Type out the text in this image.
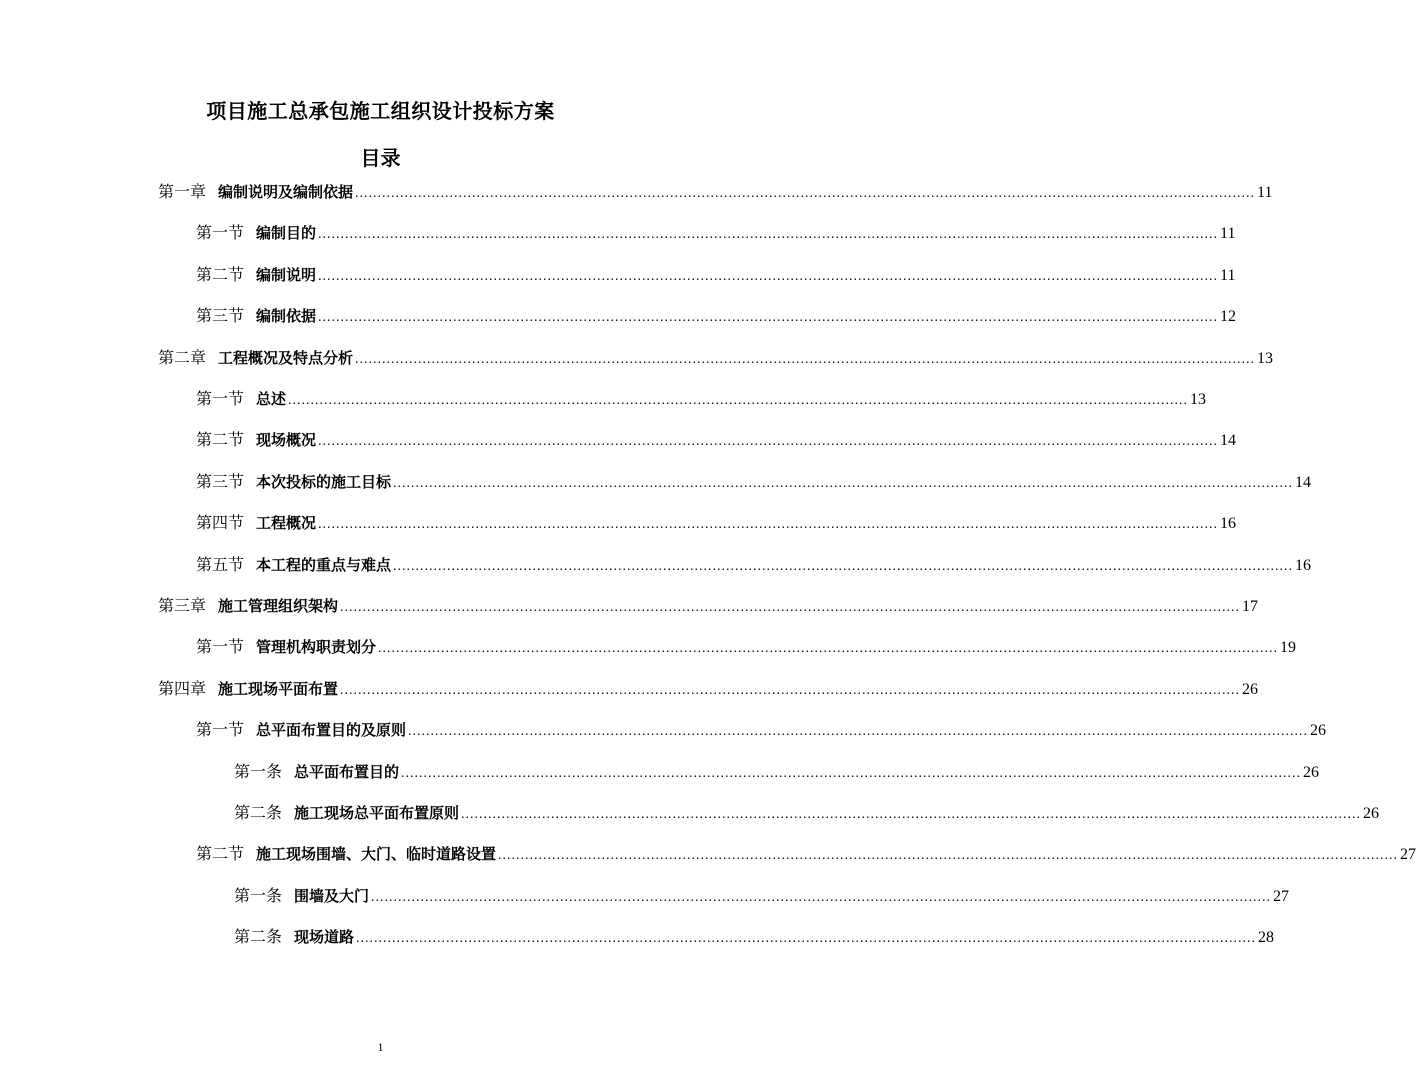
项目施工总承包施工组织设计投标方案
目录
第一章 编制说明及编制依据 ........................................................................................................................................................................................................ 11
第一节 编制目的 ........................................................................................................................................................................................................ 11
第二节 编制说明 ........................................................................................................................................................................................................ 11
第三节 编制依据 ........................................................................................................................................................................................................ 12
第二章 工程概况及特点分析 ........................................................................................................................................................................................................ 13
第一节 总述 ........................................................................................................................................................................................................ 13
第二节 现场概况 ........................................................................................................................................................................................................ 14
第三节 本次投标的施工目标 ........................................................................................................................................................................................................ 14
第四节 工程概况 ........................................................................................................................................................................................................ 16
第五节 本工程的重点与难点 ........................................................................................................................................................................................................ 16
第三章 施工管理组织架构 ........................................................................................................................................................................................................ 17
第一节 管理机构职责划分 ........................................................................................................................................................................................................ 19
第四章 施工现场平面布置 ........................................................................................................................................................................................................ 26
第一节 总平面布置目的及原则 ........................................................................................................................................................................................................ 26
第一条 总平面布置目的 ........................................................................................................................................................................................................ 26
第二条 施工现场总平面布置原则 ........................................................................................................................................................................................................ 26
第二节 施工现场围墙、大门、临时道路设置 ........................................................................................................................................................................................................ 27
第一条 围墙及大门 ........................................................................................................................................................................................................ 27
第二条 现场道路 ........................................................................................................................................................................................................ 28
1
